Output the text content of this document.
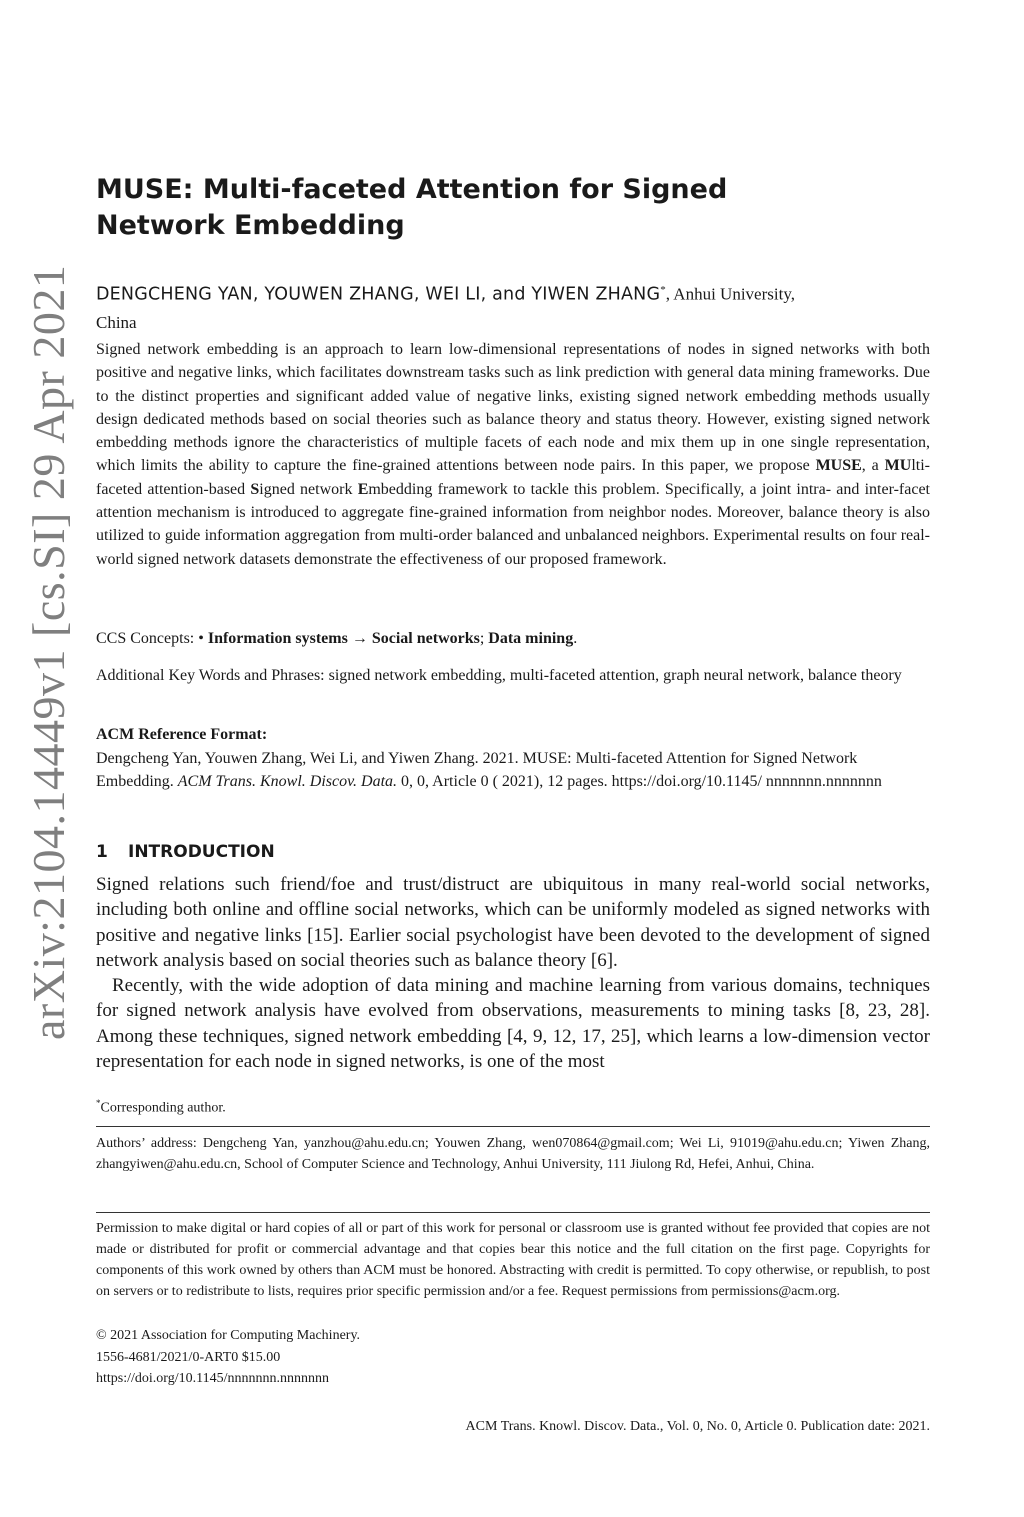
arXiv:2104.14449v1 [cs.SI] 29 Apr 2021
MUSE: Multi-faceted Attention for Signed Network Embedding
DENGCHENG YAN, YOUWEN ZHANG, WEI LI, and YIWEN ZHANG*, Anhui University,
China
Signed network embedding is an approach to learn low-dimensional representations of nodes in signed networks with both positive and negative links, which facilitates downstream tasks such as link prediction with general data mining frameworks. Due to the distinct properties and significant added value of negative links, existing signed network embedding methods usually design dedicated methods based on social theories such as balance theory and status theory. However, existing signed network embedding methods ignore the characteristics of multiple facets of each node and mix them up in one single representation, which limits the ability to capture the fine-grained attentions between node pairs. In this paper, we propose MUSE, a MUlti-faceted attention-based Signed network Embedding framework to tackle this problem. Specifically, a joint intra- and inter-facet attention mechanism is introduced to aggregate fine-grained information from neighbor nodes. Moreover, balance theory is also utilized to guide information aggregation from multi-order balanced and unbalanced neighbors. Experimental results on four real-world signed network datasets demonstrate the effectiveness of our proposed framework.
CCS Concepts: • Information systems → Social networks; Data mining.
Additional Key Words and Phrases: signed network embedding, multi-faceted attention, graph neural network, balance theory
ACM Reference Format:
Dengcheng Yan, Youwen Zhang, Wei Li, and Yiwen Zhang. 2021. MUSE: Multi-faceted Attention for Signed Network Embedding. ACM Trans. Knowl. Discov. Data. 0, 0, Article 0 ( 2021), 12 pages. https://doi.org/10.1145/ nnnnnnn.nnnnnnn
1 INTRODUCTION

Signed relations such friend/foe and trust/distruct are ubiquitous in many real-world social networks, including both online and offline social networks, which can be uniformly modeled as signed networks with positive and negative links [15]. Earlier social psychologist have been devoted to the development of signed network analysis based on social theories such as balance theory [6].

Recently, with the wide adoption of data mining and machine learning from various domains, techniques for signed network analysis have evolved from observations, measurements to mining tasks [8, 23, 28]. Among these techniques, signed network embedding [4, 9, 12, 17, 25], which learns a low-dimension vector representation for each node in signed networks, is one of the most

*Corresponding author.
Authors’ address: Dengcheng Yan, yanzhou@ahu.edu.cn; Youwen Zhang, wen070864@gmail.com; Wei Li, 91019@ahu.edu.cn; Yiwen Zhang, zhangyiwen@ahu.edu.cn, School of Computer Science and Technology, Anhui University, 111 Jiulong Rd, Hefei, Anhui, China.
Permission to make digital or hard copies of all or part of this work for personal or classroom use is granted without fee provided that copies are not made or distributed for profit or commercial advantage and that copies bear this notice and the full citation on the first page. Copyrights for components of this work owned by others than ACM must be honored. Abstracting with credit is permitted. To copy otherwise, or republish, to post on servers or to redistribute to lists, requires prior specific permission and/or a fee. Request permissions from permissions@acm.org.
© 2021 Association for Computing Machinery.
1556-4681/2021/0-ART0 $15.00
https://doi.org/10.1145/nnnnnnn.nnnnnnn
ACM Trans. Knowl. Discov. Data., Vol. 0, No. 0, Article 0. Publication date: 2021.
